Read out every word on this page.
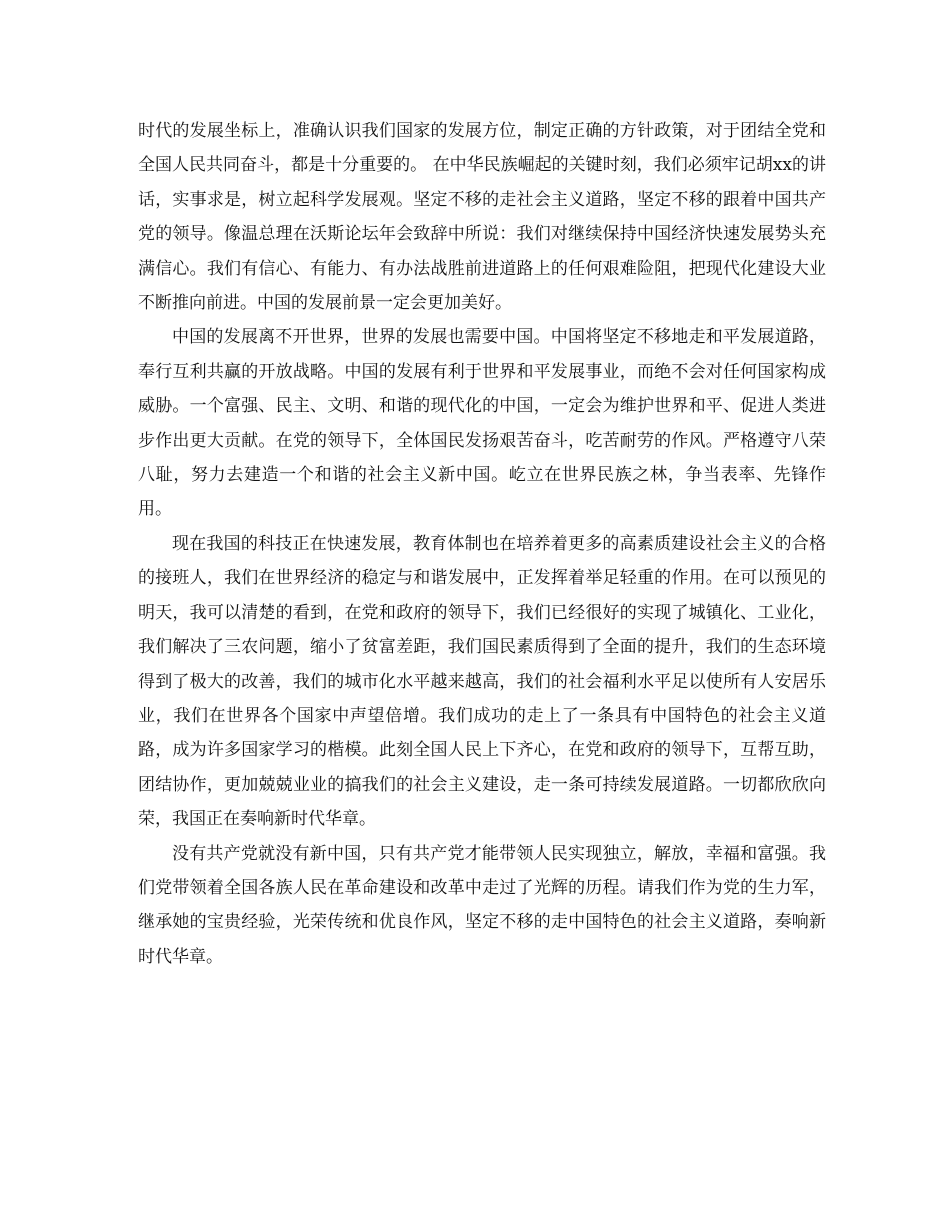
时代的发展坐标上，准确认识我们国家的发展方位，制定正确的方针政策，对于团结全党和全国人民共同奋斗，都是十分重要的。 在中华民族崛起的关键时刻，我们必须牢记胡xx的讲话，实事求是，树立起科学发展观。坚定不移的走社会主义道路，坚定不移的跟着中国共产党的领导。像温总理在沃斯论坛年会致辞中所说：我们对继续保持中国经济快速发展势头充满信心。我们有信心、有能力、有办法战胜前进道路上的任何艰难险阻，把现代化建设大业不断推向前进。中国的发展前景一定会更加美好。

中国的发展离不开世界，世界的发展也需要中国。中国将坚定不移地走和平发展道路，奉行互利共赢的开放战略。中国的发展有利于世界和平发展事业，而绝不会对任何国家构成威胁。一个富强、民主、文明、和谐的现代化的中国，一定会为维护世界和平、促进人类进步作出更大贡献。在党的领导下，全体国民发扬艰苦奋斗，吃苦耐劳的作风。严格遵守八荣八耻，努力去建造一个和谐的社会主义新中国。屹立在世界民族之林，争当表率、先锋作用。

现在我国的科技正在快速发展，教育体制也在培养着更多的高素质建设社会主义的合格的接班人，我们在世界经济的稳定与和谐发展中，正发挥着举足轻重的作用。在可以预见的明天，我可以清楚的看到，在党和政府的领导下，我们已经很好的实现了城镇化、工业化，我们解决了三农问题，缩小了贫富差距，我们国民素质得到了全面的提升，我们的生态环境得到了极大的改善，我们的城市化水平越来越高，我们的社会福利水平足以使所有人安居乐业，我们在世界各个国家中声望倍增。我们成功的走上了一条具有中国特色的社会主义道路，成为许多国家学习的楷模。此刻全国人民上下齐心，在党和政府的领导下，互帮互助，团结协作，更加兢兢业业的搞我们的社会主义建设，走一条可持续发展道路。一切都欣欣向荣，我国正在奏响新时代华章。

没有共产党就没有新中国，只有共产党才能带领人民实现独立，解放，幸福和富强。我们党带领着全国各族人民在革命建设和改革中走过了光辉的历程。请我们作为党的生力军，继承她的宝贵经验，光荣传统和优良作风，坚定不移的走中国特色的社会主义道路，奏响新时代华章。
